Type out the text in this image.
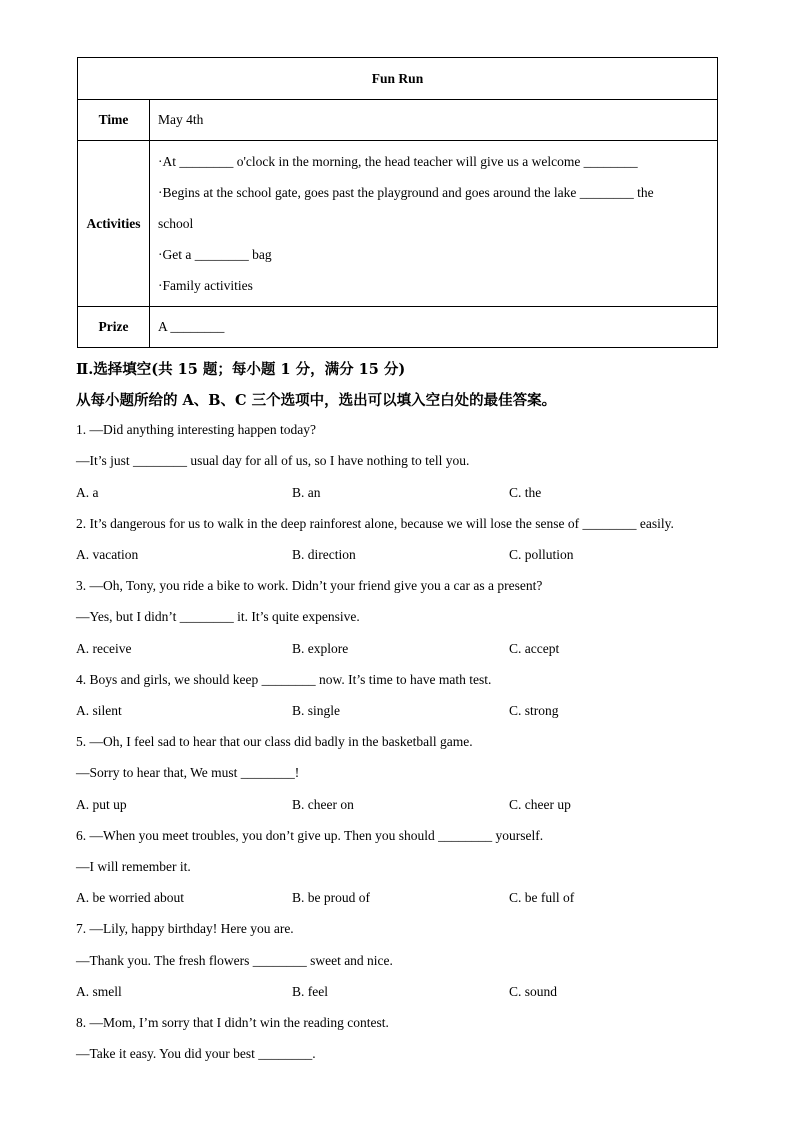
Fun Run	
Time	May 4th
Activities	·At ________ o'clock in the morning, the head teacher will give us a welcome ________
·Begins at the school gate, goes past the playground and goes around the lake ________ the
school
·Get a ________ bag
·Family activities

Prize	A ________
Ⅱ.选择填空(共 15 题；每小题 1 分，满分 15 分)
从每小题所给的 A、B、C 三个选项中，选出可以填入空白处的最佳答案。
1. —Did anything interesting happen today?
—It’s just ________ usual day for all of us, so I have nothing to tell you.
A. a	B. an	C. the
2. It’s dangerous for us to walk in the deep rainforest alone, because we will lose the sense of ________ easily.
A. vacation	B. direction	C. pollution
3. —Oh, Tony, you ride a bike to work. Didn’t your friend give you a car as a present?
—Yes, but I didn’t ________ it. It’s quite expensive.
A. receive	B. explore	C. accept
4. Boys and girls, we should keep ________ now. It’s time to have math test.
A. silent	B. single	C. strong
5. —Oh, I feel sad to hear that our class did badly in the basketball game.
—Sorry to hear that, We must ________!
A. put up	B. cheer on	C. cheer up
6. —When you meet troubles, you don’t give up. Then you should ________ yourself.
—I will remember it.
A. be worried about	B. be proud of	C. be full of
7. —Lily, happy birthday! Here you are.
—Thank you. The fresh flowers ________ sweet and nice.
A. smell	B. feel	C. sound
8. —Mom, I’m sorry that I didn’t win the reading contest.
—Take it easy. You did your best ________.
